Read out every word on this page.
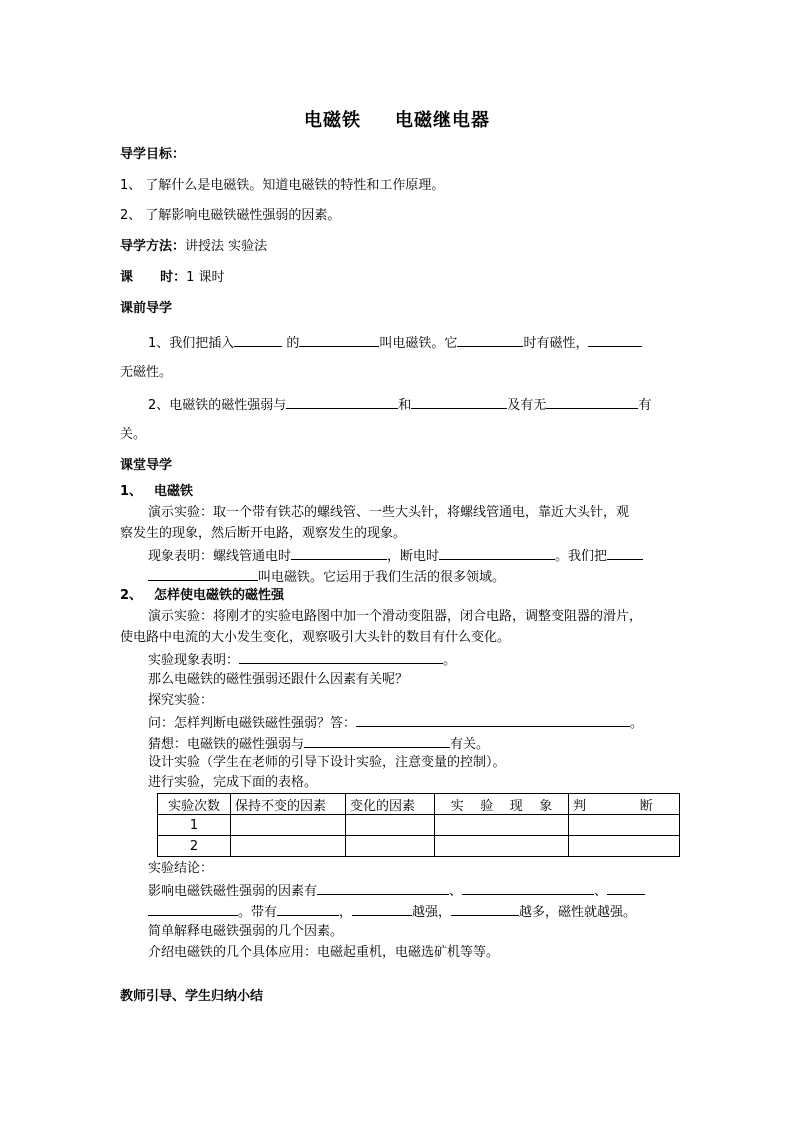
电磁铁 电磁继电器
导学目标：
1、 了解什么是电磁铁。知道电磁铁的特性和工作原理。
2、 了解影响电磁铁磁性强弱的因素。
导学方法：讲授法 实验法
课      时：1 课时
课前导学
1、我们把插入	的	叫电磁铁。它	时有磁性，
无磁性。
2、电磁铁的磁性强弱与	和	及有无	有
关。
课堂导学
1、 电磁铁
演示实验：取一个带有铁芯的螺线管、一些大头针，将螺线管通电，靠近大头针，观
察发生的现象，然后断开电路，观察发生的现象。
现象表明：螺线管通电时	，断电时	。我们把
叫电磁铁。它运用于我们生活的很多领域。
2、 怎样使电磁铁的磁性强
演示实验：将刚才的实验电路图中加一个滑动变阻器，闭合电路，调整变阻器的滑片，
使电路中电流的大小发生变化，观察吸引大头针的数目有什么变化。
实验现象表明：	。
那么电磁铁的磁性强弱还跟什么因素有关呢？
探究实验：
问：怎样判断电磁铁磁性强弱？答：	。
猜想：电磁铁的磁性强弱与	有关。
设计实验（学生在老师的引导下设计实验，注意变量的控制）。
进行实验，完成下面的表格。
实验次数	保持不变的因素	变化的因素	实    验    现    象	判             断
1				
2				
实验结论：
影响电磁铁磁性强弱的因素有	、	、
。带有	，	越强，	越多，磁性就越强。
简单解释电磁铁强弱的几个因素。
介绍电磁铁的几个具体应用：电磁起重机，电磁选矿机等等。
教师引导、学生归纳小结
